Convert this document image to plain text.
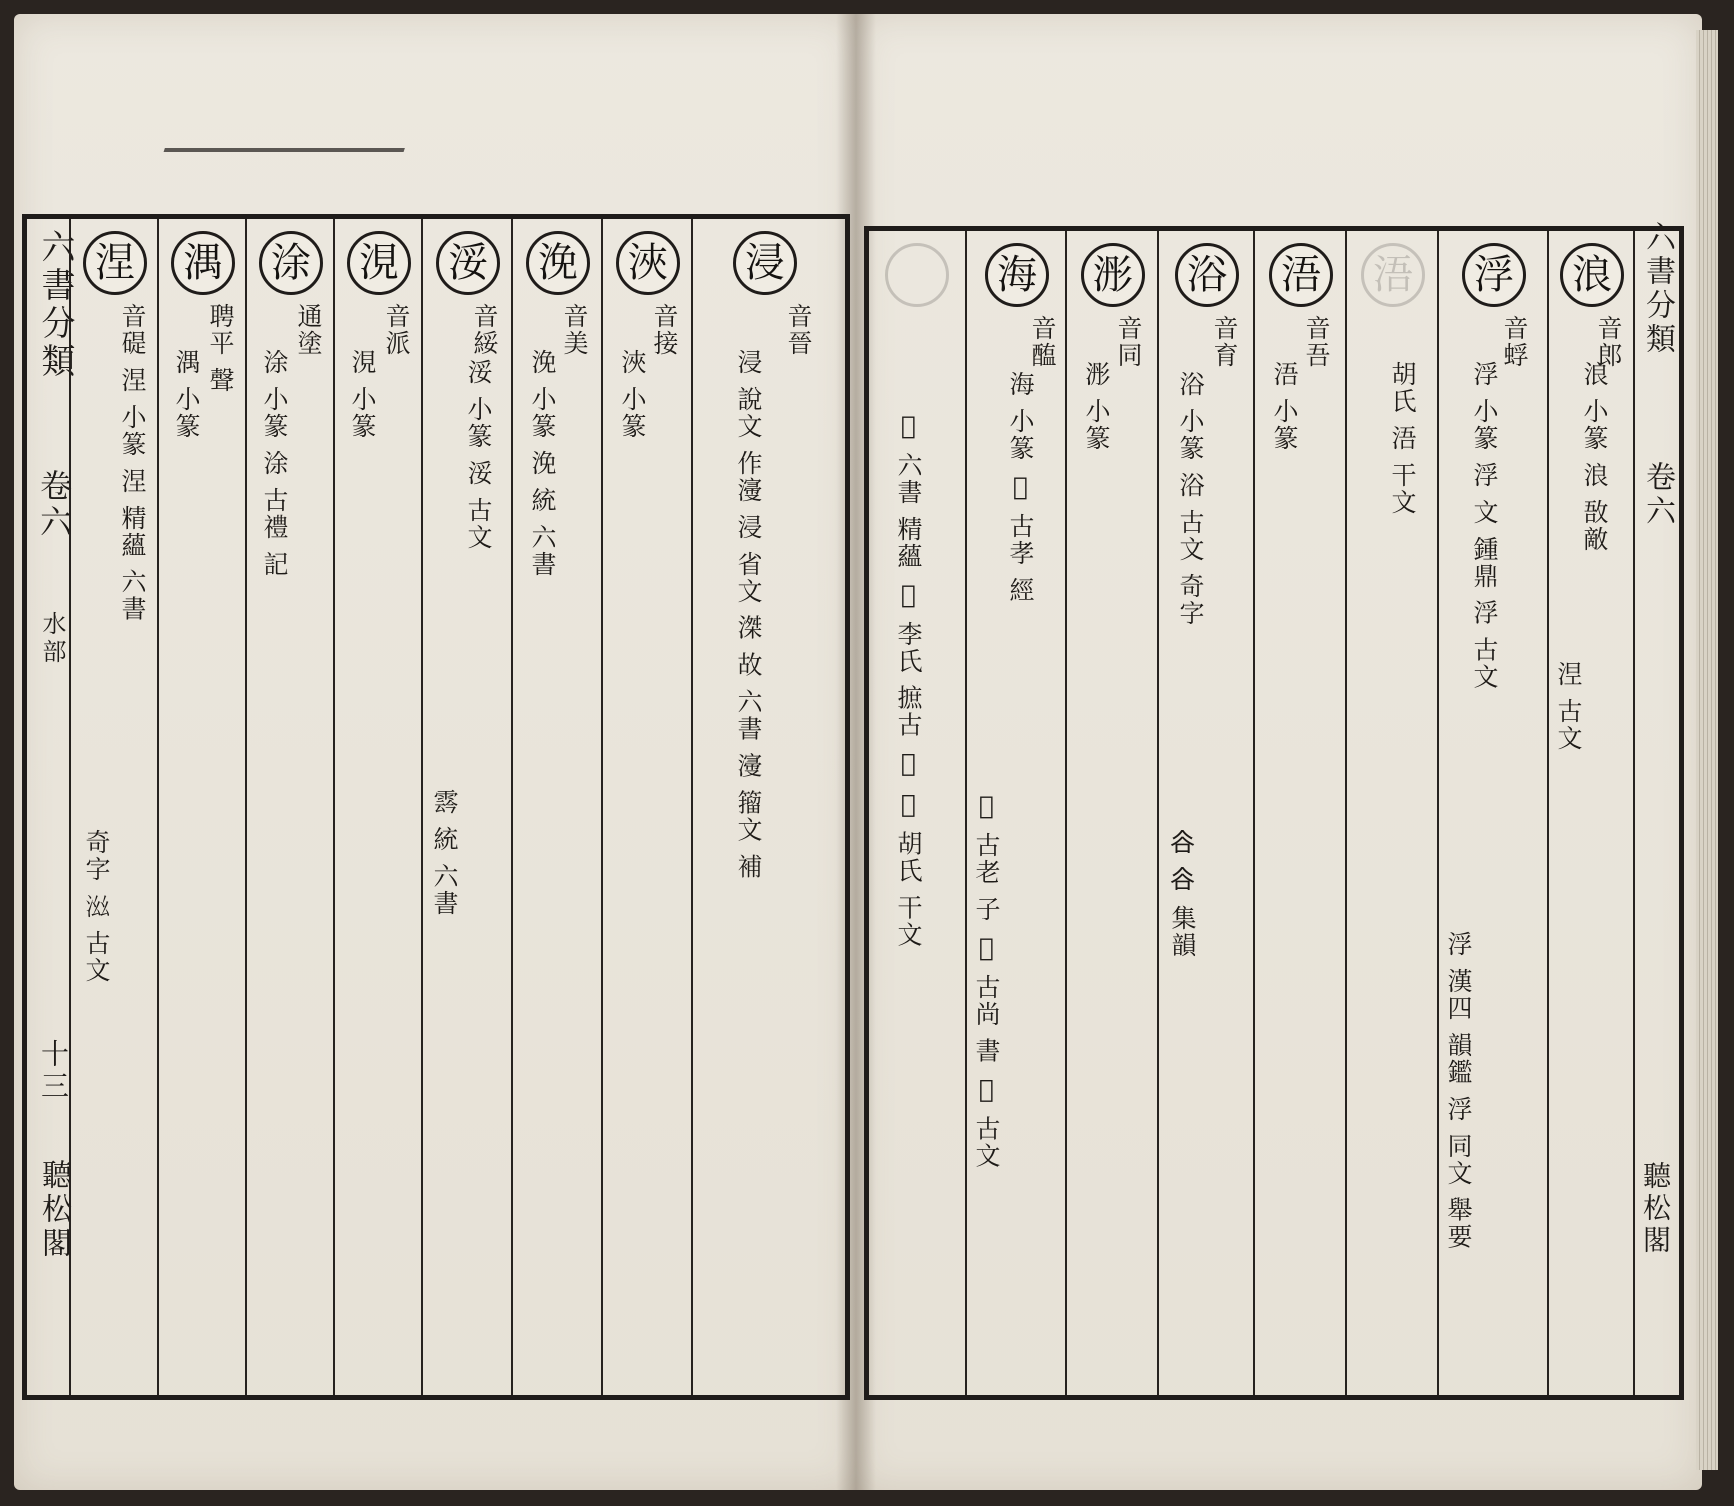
六書分類
卷六
水部
十三
聽松閣
涅
音碮 涅 小篆 涅 精蘊 六書
奇字 𣳯 古文
湡
聘平 聲
湡 小篆
涂
通塗
涂 小篆 涂 古禮 記
涀
音派
涀 小篆
浽
音綏
浽 小篆 浽 古文
𩃬 統 六書
浼
音美
浼 小篆 浼 統 六書
浹
音接
浹 小篆
浸
音晉
浸 說文 作濅 浸 省文 滐 故 六書 濅 籀文 補	𣳚 六書 精蘊 𣳚 李氏 摭古 𣳚 𣳚 胡氏 干文
海
音醢
海 小篆 𣳚 古孝 經
𣳚 古老 子 𣳚 古尚 書 𣳚 古文
浵
音同
浵 小篆
浴
音育
浴 小篆 浴 古文 奇字
𧮫 𧮫 集韻
浯
音吾
浯 小篆
浯
胡氏 浯 干文
浮
音蜉
浮 小篆 浮 文 鍾鼎 浮 古文
浮 漢四 韻鑑 浮 同文 舉要
浪
音郎
浪 小篆 浪 敔敵
𣵀 古文
六書分類
卷六
聽松閣
